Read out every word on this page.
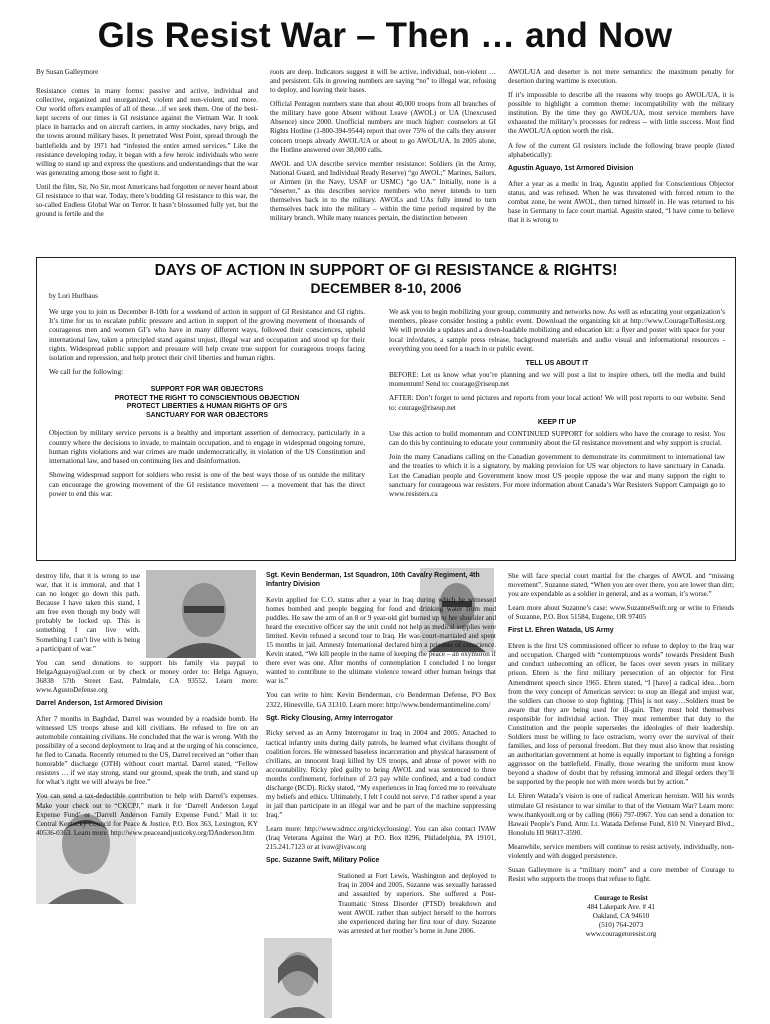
GIs Resist War – Then … and Now

By Susan Galleymore

Resistance comes in many forms: passive and active, individual and collective, organized and unorganized, violent and non-violent, and more. Our world offers examples of all of these…if we seek them. One of the best-kept secrets of our times is GI resistance against the Vietnam War. It took place in barracks and on aircraft carriers, in army stockades, navy brigs, and the towns around military bases. It penetrated West Point, spread through the battlefields and by 1971 had “infested the entire armed services.” Like the resistance developing today, it began with a few heroic individuals who were willing to stand up and express the questions and understandings that the war was generating among those sent to fight it.

Until the film, Sir, No Sir, most Americans had forgotten or never heard about GI resistance to that war. Today, there’s budding GI resistance to this war, the so-called Endless Global War on Terror. It hasn’t blossomed fully yet, but the ground is fertile and the

roots are deep. Indicators suggest it will be active, individual, non-violent … and persistent. GIs in growing numbers are saying “no” to illegal war, refusing to deploy, and leaving their bases.

Official Pentagon numbers state that about 40,000 troops from all branches of the military have gone Absent without Leave (AWOL) or UA (Unexcused Absence) since 2000. Unofficial numbers are much higher: counselors at GI Rights Hotline (1-800-394-9544) report that over 75% of the calls they answer concern troops already AWOL/UA or about to go AWOL/UA. In 2005 alone, the Hotline answered over 38,000 calls.

AWOL and UA describe service member resistance: Soldiers (in the Army, National Guard, and Individual Ready Reserve) “go AWOL;” Marines, Sailors, or Airmen (in the Navy, USAF or USMC) “go UA.” Initially, none is a “deserter,” as this describes service members who never intends to turn themselves back in to the military. AWOLs and UAs fully intend to turn themselves back into the military – within the time period required by the military branch. While many nuances pertain, the distinction between

AWOL/UA and deserter is not mere semantics: the maximum penalty for desertion during wartime is execution.

If it’s impossible to describe all the reasons why troops go AWOL/UA, it is possible to highlight a common theme: incompatibility with the military institution. By the time they go AWOL/UA, most service members have exhausted the military’s processes for redress -- with little success. Most find the AWOL/UA option worth the risk.

A few of the current GI resisters include the following brave people (listed alphabetically):

Agustin Aguayo, 1st Armored Division

After a year as a medic in Iraq, Agustin applied for Conscientious Objector status, and was refused. When he was threatened with forced return to the combat zone, he went AWOL, then turned himself in. He was returned to his base in Germany to face court martial. Agustin stated, “I have come to believe that it is wrong to

DAYS OF ACTION IN SUPPORT OF GI RESISTANCE & RIGHTS!
DECEMBER 8-10, 2006
by Lori Hurlbaus

We urge you to join us December 8-10th for a weekend of action in support of GI Resistance and GI rights. It’s time for us to escalate public pressure and action in support of the growing movement of thousands of courageous men and women GI’s who have in many different ways, followed their consciences, upheld international law, taken a principled stand against unjust, illegal war and occupation and stood up for their rights. Widespread public support and pressure will help create true support for courageous troops facing isolation and repression, and help protect their civil liberties and human rights.

We call for the following:

SUPPORT FOR WAR OBJECTORS
PROTECT THE RIGHT TO CONSCIENTIOUS OBJECTION
PROTECT LIBERTIES & HUMAN RIGHTS OF GI’S
SANCTUARY FOR WAR OBJECTORS

Objection by military service persons is a healthy and important assertion of democracy, particularly in a country where the decisions to invade, to maintain occupation, and to engage in widespread ongoing torture, human rights violations and war crimes are made undemocratically, in violation of the US Constitution and international law, and based on continuing lies and disinformation.

Showing widespread support for soldiers who resist is one of the best ways those of us outside the military can encourage the growing movement of the GI resistance movement — a movement that has the direct power to end this war.

We ask you to begin mobilizing your group, community and networks now. As well as educating your organization’s members, please consider hosting a public event. Download the organizing kit at http://www.CourageToResist.org We will provide a updates and a down-loadable mobilizing and education kit: a flyer and poster with space for your local info/dates, a sample press release, background materials and audio visual and informational resources - everything you need for a teach in or public event.

TELL US ABOUT IT

BEFORE: Let us know what you’re planning and we will post a list to inspire others, tell the media and build momentum! Send to: courage@riseup.net

AFTER: Don’t forget to send pictures and reports from your local action! We will post reports to our website. Send to: courage@riseup.net

KEEP IT UP

Use this action to build momentum and CONTINUED SUPPORT for soldiers who have the courage to resist. You can do this by continuing to educate your community about the GI resistance movement and why support is crucial.

Join the many Canadians calling on the Canadian government to demonstrate its commitment to international law and the treaties to which it is a signatory, by making provision for US war objectors to have sanctuary in Canada. Let the Canadian people and Government know most US people oppose the war and many support the right to sanctuary for courageous war resisters. For more information about Canada’s War Resisters Support Campaign go to www.resisters.ca

destroy life, that it is wrong to use war, that it is immoral, and that I can no longer go down this path. Because I have taken this stand, I am free even though my body will probably be locked up. This is something I can live with. Something I can’t live with is being a participant of war.”

You can send donations to support his family via paypal to HelgaAguayo@aol.com or by check or money order to: Helga Aguayo, 36838 57th Street East, Palmdale, CA 93552. Learn more: www.AgustoDefense.org

Darrel Anderson, 1st Armored Division

After 7 months in Baghdad, Darrel was wounded by a roadside bomb. He witnessed US troops abuse and kill civilians. He refused to fire on an automobile containing civilians. He concluded that the war is wrong. With the possibility of a second deployment to Iraq and at the urging of his conscience, he fled to Canada. Recently returned to the US, Darrel received an “other than honorable” discharge (OTH) without court martial. Darrel stated, “Fellow resisters … if we stay strong, stand our ground, speak the truth, and stand up for what’s right we will always be free.”

You can send a tax-deductible contribution to help with Darrel’s expenses. Make your check out to “CKCPJ,” mark it for ‘Darrell Anderson Legal Expense Fund’ or ‘Darrell Anderson Family Expense Fund.’ Mail it to: Central Kentucky Council for Peace & Justice, P.O. Box 363, Lexington, KY 40536-0363. Learn more: http://www.peaceandjusticeky.org/DAnderson.htm

Sgt. Kevin Benderman, 1st Squadron, 10th Cavalry Regiment, 4th Infantry Division

Kevin applied for C.O. status after a year in Iraq during which he witnessed homes bombed and people begging for food and drinking water from mud puddles. He saw the arm of an 8 or 9 year-old girl burned up to her shoulder and heard the executive officer say the unit could not help as medical supplies were limited. Kevin refused a second tour to Iraq. He was court-martialed and spent 15 months in jail. Amnesty International declared him a prisoner of conscience. Kevin stated, “We kill people in the name of keeping the peace – an oxymoron if there ever was one. After months of contemplation I concluded I no longer wanted to contribute to the ultimate violence toward other human beings that war is.”

You can write to him: Kevin Benderman, c/o Benderman Defense, PO Box 2322, Hinesville, GA 31310. Learn more: http://www.bendermantimeline.com/

Sgt. Ricky Clousing, Army Interrogator

Ricky served as an Army Interrogator in Iraq in 2004 and 2005. Attached to tactical infantry units during daily patrols, he learned what civilians thought of coalition forces. He witnessed baseless incarceration and physical harassment of civilians, an innocent Iraqi killed by US troops, and abuse of power with no accountability. Ricky pled guilty to being AWOL and was sentenced to three months confinement, forfeiture of 2/3 pay while confined, and a bad conduct discharge (BCD). Ricky stated, “My experiences in Iraq forced me to reevaluate my beliefs and ethics. Ultimately, I felt I could not serve. I’d rather spend a year in jail than participate in an illegal war and be part of the machine suppressing Iraq.”

Learn more: http://www.sdmcc.org/rickyclousing/. You can also contact IVAW (Iraq Veterans Against the War) at P.O. Box 8296, Philadelphia, PA 19101, 215.241.7123 or at ivaw@ivaw.org

Spc. Suzanne Swift, Military Police

Stationed at Fort Lewis, Washington and deployed to Iraq in 2004 and 2005, Suzanne was sexually harassed and assaulted by superiors. She suffered a Post-Traumatic Stress Disorder (PTSD) breakdown and went AWOL rather than subject herself to the horrors she experienced during her first tour of duty. Suzanne was arrested at her mother’s home in June 2006.

She will face special court martial for the charges of AWOL and “missing movement”. Suzanne stated, “When you are over there, you are lower than dirt; you are expendable as a soldier in general, and as a woman, it’s worse.”

Learn more about Suzanne’s case: www.SuzanneSwift.org or write to Friends of Suzanne, P.O. Box 51584, Eugene, OR 97405

First Lt. Ehren Watada, US Army

Ehren is the first US commissioned officer to refuse to deploy to the Iraq war and occupation. Charged with “contemptuous words” towards President Bush and conduct unbecoming an officer, he faces over seven years in military prison. Ehren is the first military persecution of an objector for First Amendment speech since 1965. Ehren stated, “I [have] a radical idea…born from the very concept of American service: to stop an illegal and unjust war, the soldiers can choose to stop fighting. [This] is not easy…Soldiers must be aware that they are being used for ill-gain. They must hold themselves responsible for individual action. They must remember that duty to the Constitution and the people supersedes the ideologies of their leadership. Soldiers must be willing to face ostracism, worry over the survival of their families, and loss of personal freedom. But they must also know that resisting an authoritarian government at home is equally important to fighting a foreign aggressor on the battlefield. Finally, those wearing the uniform must know beyond a shadow of doubt that by refusing immoral and illegal orders they’ll be supported by the people not with mere words but by action.”

Lt. Ehren Watada’s vision is one of radical American heroism. Will his words stimulate GI resistance to war similar to that of the Vietnam War? Learn more: www.thankyoult.org or by calling (866) 797-0967. You can send a donation to: Hawaii People’s Fund, Attn: Lt. Watada Defense Fund, 810 N. Vineyard Blvd., Honolulu HI 96817-3590.

Meanwhile, service members will continue to resist actively, individually, non-violently and with dogged persistence.

Susan Galleymore is a “military mom” and a core member of Courage to Resist who supports the troops that refuse to fight.

Courage to Resist
484 Lakepark Ave. # 41
Oakland, CA 94610
(510) 764-2073
www.couragetoresist.org
